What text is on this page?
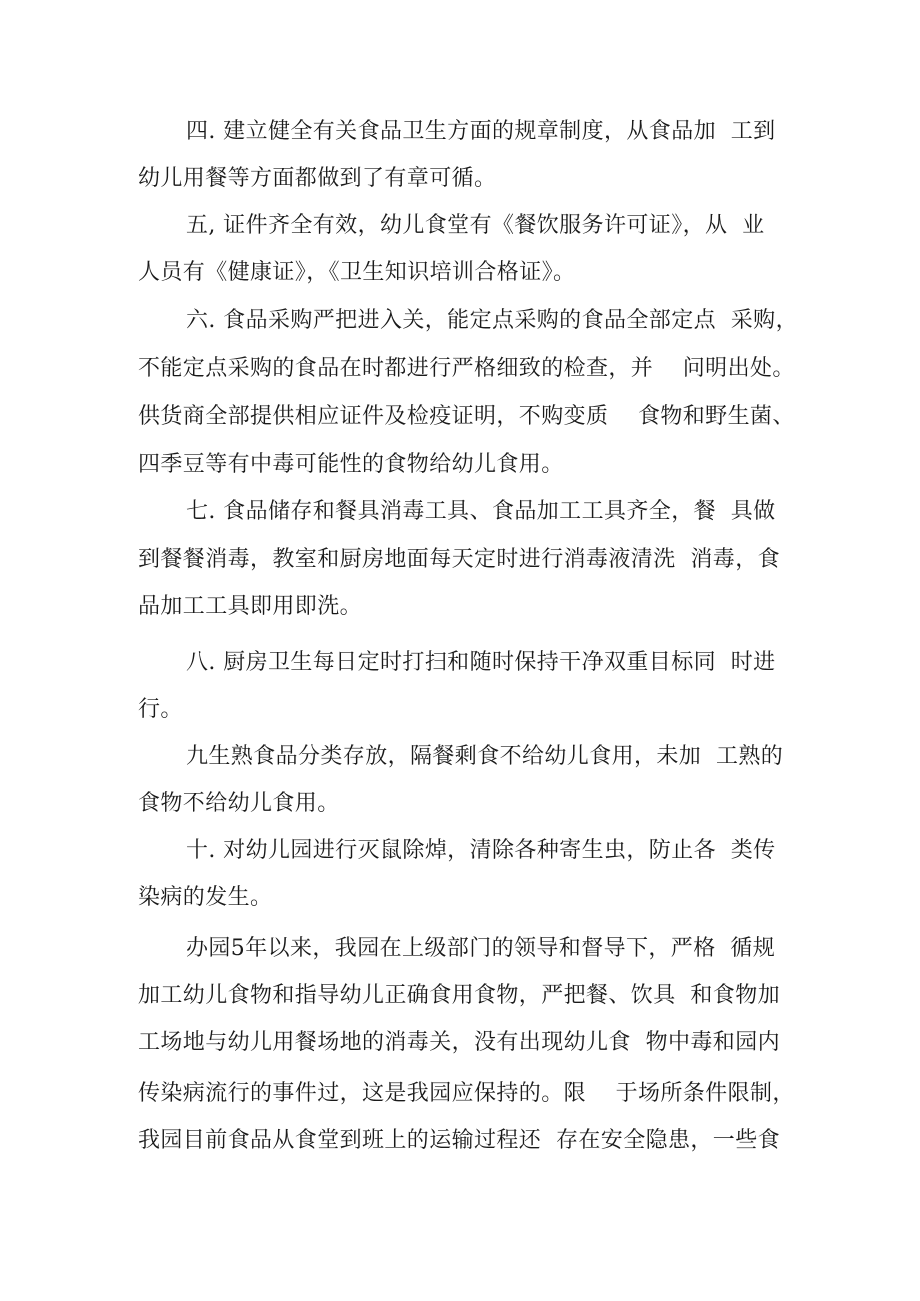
四. 建立健全有关食品卫生方面的规章制度，从食品加  工到
幼儿用餐等方面都做到了有章可循。
五, 证件齐全有效，幼儿食堂有《餐饮服务许可证》，从  业
人员有《健康证》，《卫生知识培训合格证》。
六. 食品采购严把进入关，能定点采购的食品全部定点  采购，
不能定点采购的食品在时都进行严格细致的检查，并    问明出处。
供货商全部提供相应证件及检疫证明，不购变质    食物和野生菌、
四季豆等有中毒可能性的食物给幼儿食用。
七. 食品储存和餐具消毒工具、食品加工工具齐全，餐  具做
到餐餐消毒，教室和厨房地面每天定时进行消毒液清洗  消毒，食
品加工工具即用即洗。
八. 厨房卫生每日定时打扫和随时保持干净双重目标同  时进
行。
九生熟食品分类存放，隔餐剩食不给幼儿食用，未加  工熟的
食物不给幼儿食用。
十. 对幼儿园进行灭鼠除焯，清除各种寄生虫，防止各  类传
染病的发生。
办园5年以来，我园在上级部门的领导和督导下，严格  循规
加工幼儿食物和指导幼儿正确食用食物，严把餐、饮具  和食物加
工场地与幼儿用餐场地的消毒关，没有出现幼儿食  物中毒和园内
传染病流行的事件过，这是我园应保持的。限    于场所条件限制，
我园目前食品从食堂到班上的运输过程还  存在安全隐患，一些食
